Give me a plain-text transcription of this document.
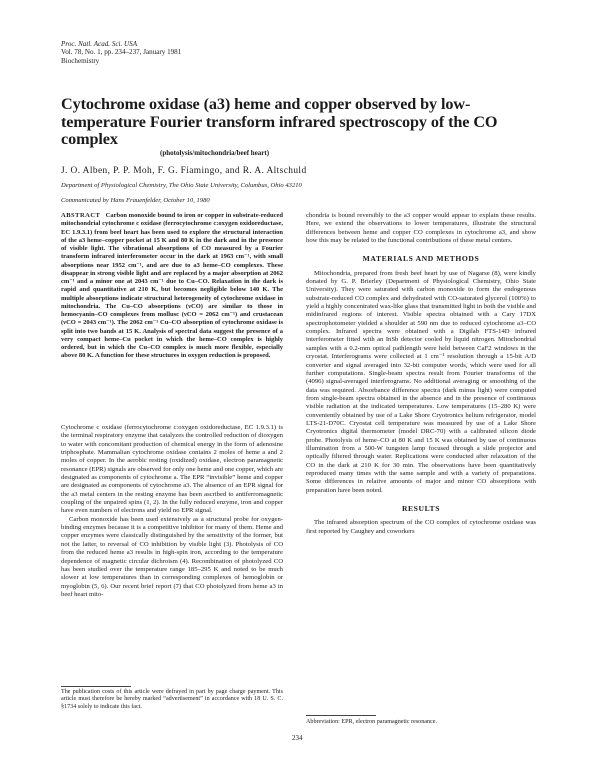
Proc. Natl. Acad. Sci. USA
Vol. 78, No. 1, pp. 234–237, January 1981
Biochemistry
Cytochrome oxidase (a3) heme and copper observed by low-temperature Fourier transform infrared spectroscopy of the CO complex
(photolysis/mitochondria/beef heart)
J. O. Alben, P. P. Moh, F. G. Fiamingo, and R. A. Altschuld
Department of Physiological Chemistry, The Ohio State University, Columbus, Ohio 43210
Communicated by Hans Frauenfelder, October 10, 1980
ABSTRACT Carbon monoxide bound to iron or copper in substrate-reduced mitochondrial cytochrome c oxidase (ferrocytochrome c:oxygen oxidoreductase, EC 1.9.3.1) from beef heart has been used to explore the structural interaction of the a3 heme–copper pocket at 15 K and 80 K in the dark and in the presence of visible light. The vibrational absorptions of CO measured by a Fourier transform infrared interferometer occur in the dark at 1963 cm⁻¹, with small absorptions near 1952 cm⁻¹, and are due to a3 heme–CO complexes. These disappear in strong visible light and are replaced by a major absorption at 2062 cm⁻¹ and a minor one at 2043 cm⁻¹ due to Cu–CO. Relaxation in the dark is rapid and quantitative at 210 K, but becomes negligible below 140 K. The multiple absorptions indicate structural heterogeneity of cytochrome oxidase in mitochondria. The Cu–CO absorptions (νCO) are similar to those in hemocyanin–CO complexes from mollusc (νCO = 2062 cm⁻¹) and crustacean (νCO = 2043 cm⁻¹). The 2062 cm⁻¹ Cu–CO absorption of cytochrome oxidase is split into two bands at 15 K. Analysis of spectral data suggest the presence of a very compact heme–Cu pocket in which the heme–CO complex is highly ordered, but in which the Cu–CO complex is much more flexible, especially above 80 K. A function for these structures in oxygen reduction is proposed.

Cytochrome c oxidase (ferrocytochrome c:oxygen oxidoreductase, EC 1.9.3.1) is the terminal respiratory enzyme that catalyzes the controlled reduction of dioxygen to water with concomitant production of chemical energy in the form of adenosine triphosphate. Mammalian cytochrome oxidase contains 2 moles of heme a and 2 moles of copper. In the aerobic resting (oxidized) oxidase, electron paramagnetic resonance (EPR) signals are observed for only one heme and one copper, which are designated as components of cytochrome a. The EPR “invisible” heme and copper are designated as components of cytochrome a3. The absence of an EPR signal for the a3 metal centers in the resting enzyme has been ascribed to antiferromagnetic coupling of the unpaired spins (1, 2). In the fully reduced enzyme, iron and copper have even numbers of electrons and yield no EPR signal.

Carbon monoxide has been used extensively as a structural probe for oxygen-binding enzymes because it is a competitive inhibitor for many of them. Heme and copper enzymes were classically distinguished by the sensitivity of the former, but not the latter, to reversal of CO inhibition by visible light (3). Photolysis of CO from the reduced heme a3 results in high-spin iron, according to the temperature dependence of magnetic circular dichroism (4). Recombination of photolyzed CO has been studied over the temperature range 185–295 K and noted to be much slower at low temperatures than in corresponding complexes of hemoglobin or myoglobin (5, 6). Our recent brief report (7) that CO photolyzed from heme a3 in beef heart mito-

chondria is bound reversibly to the a3 copper would appear to explain these results. Here, we extend the observations to lower temperatures, illustrate the structural differences between heme and copper CO complexes in cytochrome a3, and show how this may be related to the functional contributions of these metal centers.

MATERIALS AND METHODS

Mitochondria, prepared from fresh beef heart by use of Nagarse (8), were kindly donated by G. P. Brierley (Department of Physiological Chemistry, Ohio State University). They were saturated with carbon monoxide to form the endogenous substrate-reduced CO complex and dehydrated with CO-saturated glycerol (100%) to yield a highly concentrated wax-like glass that transmitted light in both the visible and midinfrared regions of interest. Visible spectra obtained with a Cary 17DX spectrophotometer yielded a shoulder at 590 nm due to reduced cytochrome a3–CO complex. Infrared spectra were obtained with a Digilab FTS-14D infrared interferometer fitted with an InSb detector cooled by liquid nitrogen. Mitochondrial samples with a 0.2-mm optical pathlength were held between CaF2 windows in the cryostat. Interferograms were collected at 1 cm⁻¹ resolution through a 15-bit A/D converter and signal averaged into 32-bit computer words, which were used for all further computations. Single-beam spectra result from Fourier transforms of the (4096) signal-averaged interferograms. No additional averaging or smoothing of the data was required. Absorbance difference spectra (dark minus light) were computed from single-beam spectra obtained in the absence and in the presence of continuous visible radiation at the indicated temperatures. Low temperatures (15–280 K) were conveniently obtained by use of a Lake Shore Cryotronics helium refrigerator, model LTS-21-D70C. Cryostat cell temperature was measured by use of a Lake Shore Cryotronics digital thermometer (model DRC-70) with a calibrated silicon diode probe. Photolysis of heme–CO at 80 K and 15 K was obtained by use of continuous illumination from a 500-W tungsten lamp focused through a slide projector and optically filtered through water. Replications were conducted after relaxation of the CO in the dark at 210 K for 30 min. The observations have been quantitatively reproduced many times with the same sample and with a variety of preparations. Some differences in relative amounts of major and minor CO absorptions with preparation have been noted.

RESULTS

The infrared absorption spectrum of the CO complex of cytochrome oxidase was first reported by Caughey and coworkers

The publication costs of this article were defrayed in part by page charge payment. This article must therefore be hereby marked “advertisement” in accordance with 18 U. S. C. §1734 solely to indicate this fact.
Abbreviation: EPR, electron paramagnetic resonance.
234
